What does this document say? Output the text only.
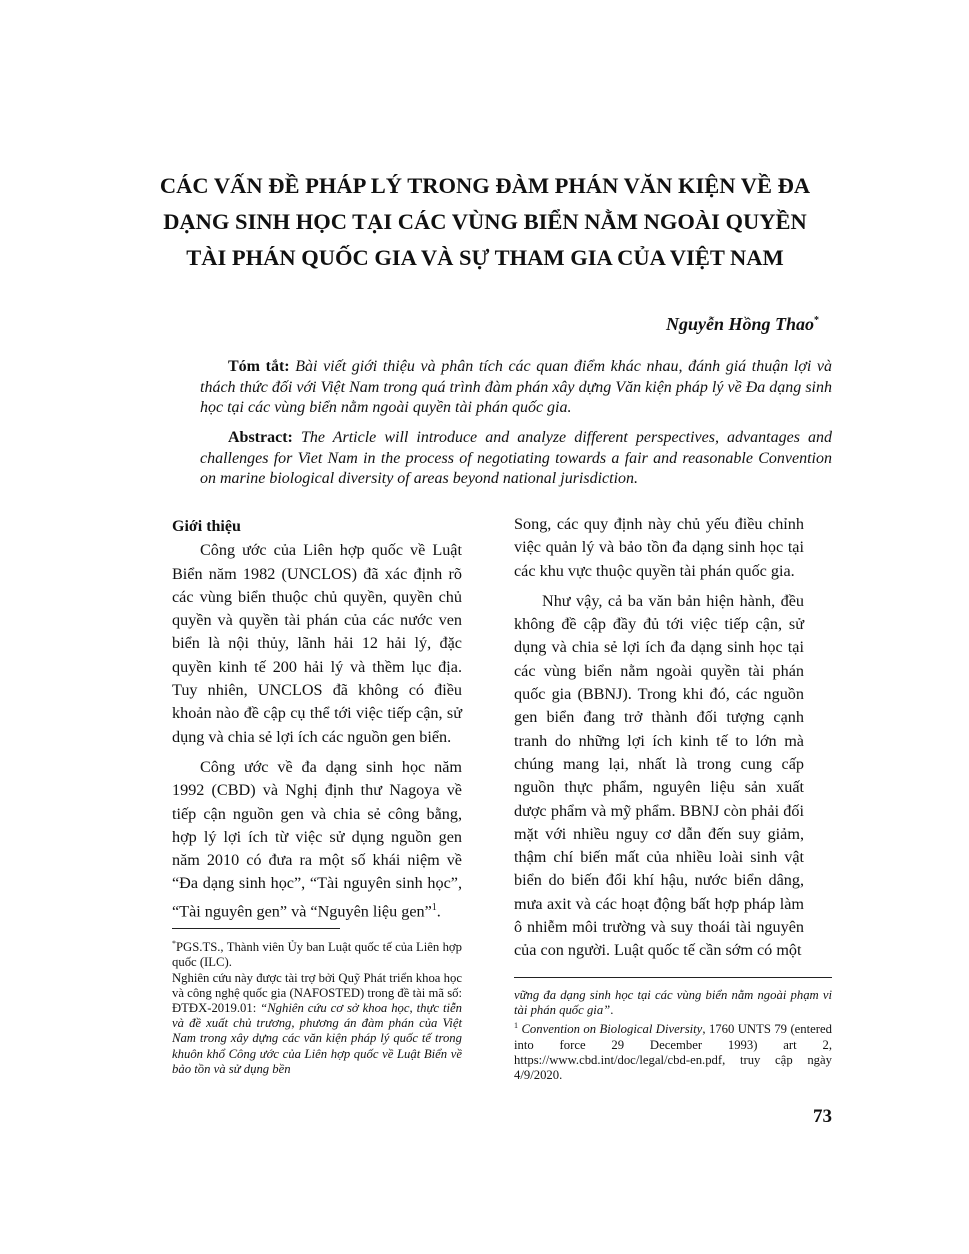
CÁC VẤN ĐỀ PHÁP LÝ TRONG ĐÀM PHÁN VĂN KIỆN VỀ ĐA DẠNG SINH HỌC TẠI CÁC VÙNG BIỂN NẰM NGOÀI QUYỀN TÀI PHÁN QUỐC GIA VÀ SỰ THAM GIA CỦA VIỆT NAM
Nguyễn Hồng Thao*
Tóm tắt: Bài viết giới thiệu và phân tích các quan điểm khác nhau, đánh giá thuận lợi và thách thức đối với Việt Nam trong quá trình đàm phán xây dựng Văn kiện pháp lý về Đa dạng sinh học tại các vùng biển nằm ngoài quyền tài phán quốc gia.
Abstract: The Article will introduce and analyze different perspectives, advantages and challenges for Viet Nam in the process of negotiating towards a fair and reasonable Convention on marine biological diversity of areas beyond national jurisdiction.
Giới thiệu

Công ước của Liên hợp quốc về Luật Biển năm 1982 (UNCLOS) đã xác định rõ các vùng biển thuộc chủ quyền, quyền chủ quyền và quyền tài phán của các nước ven biển là nội thủy, lãnh hải 12 hải lý, đặc quyền kinh tế 200 hải lý và thềm lục địa. Tuy nhiên, UNCLOS đã không có điều khoản nào đề cập cụ thể tới việc tiếp cận, sử dụng và chia sẻ lợi ích các nguồn gen biển.

Công ước về đa dạng sinh học năm 1992 (CBD) và Nghị định thư Nagoya về tiếp cận nguồn gen và chia sẻ công bằng, hợp lý lợi ích từ việc sử dụng nguồn gen năm 2010 có đưa ra một số khái niệm về “Đa dạng sinh học”, “Tài nguyên sinh học”, “Tài nguyên gen” và “Nguyên liệu gen”$^1$.

Song, các quy định này chủ yếu điều chỉnh việc quản lý và bảo tồn đa dạng sinh học tại các khu vực thuộc quyền tài phán quốc gia.

Như vậy, cả ba văn bản hiện hành, đều không đề cập đầy đủ tới việc tiếp cận, sử dụng và chia sẻ lợi ích đa dạng sinh học tại các vùng biển nằm ngoài quyền tài phán quốc gia (BBNJ). Trong khi đó, các nguồn gen biển đang trở thành đối tượng cạnh tranh do những lợi ích kinh tế to lớn mà chúng mang lại, nhất là trong cung cấp nguồn thực phẩm, nguyên liệu sản xuất dược phẩm và mỹ phẩm. BBNJ còn phải đối mặt với nhiều nguy cơ dẫn đến suy giảm, thậm chí biến mất của nhiều loài sinh vật biển do biến đổi khí hậu, nước biển dâng, mưa axit và các hoạt động bất hợp pháp làm ô nhiễm môi trường và suy thoái tài nguyên của con người. Luật quốc tế cần sớm có một

*PGS.TS., Thành viên Ủy ban Luật quốc tế của Liên hợp quốc (ILC).

Nghiên cứu này được tài trợ bởi Quỹ Phát triển khoa học và công nghệ quốc gia (NAFOSTED) trong đề tài mã số: ĐTĐX-2019.01: “Nghiên cứu cơ sở khoa học, thực tiễn và đề xuất chủ trương, phương án đàm phán của Việt Nam trong xây dựng các văn kiện pháp lý quốc tế trong khuôn khổ Công ước của Liên hợp quốc về Luật Biển về bảo tồn và sử dụng bền

vững đa dạng sinh học tại các vùng biển nằm ngoài phạm vi tài phán quốc gia”.

$^1$ Convention on Biological Diversity, 1760 UNTS 79 (entered into force 29 December 1993) art 2, https://www.cbd.int/doc/legal/cbd-en.pdf, truy cập ngày 4/9/2020.

73
